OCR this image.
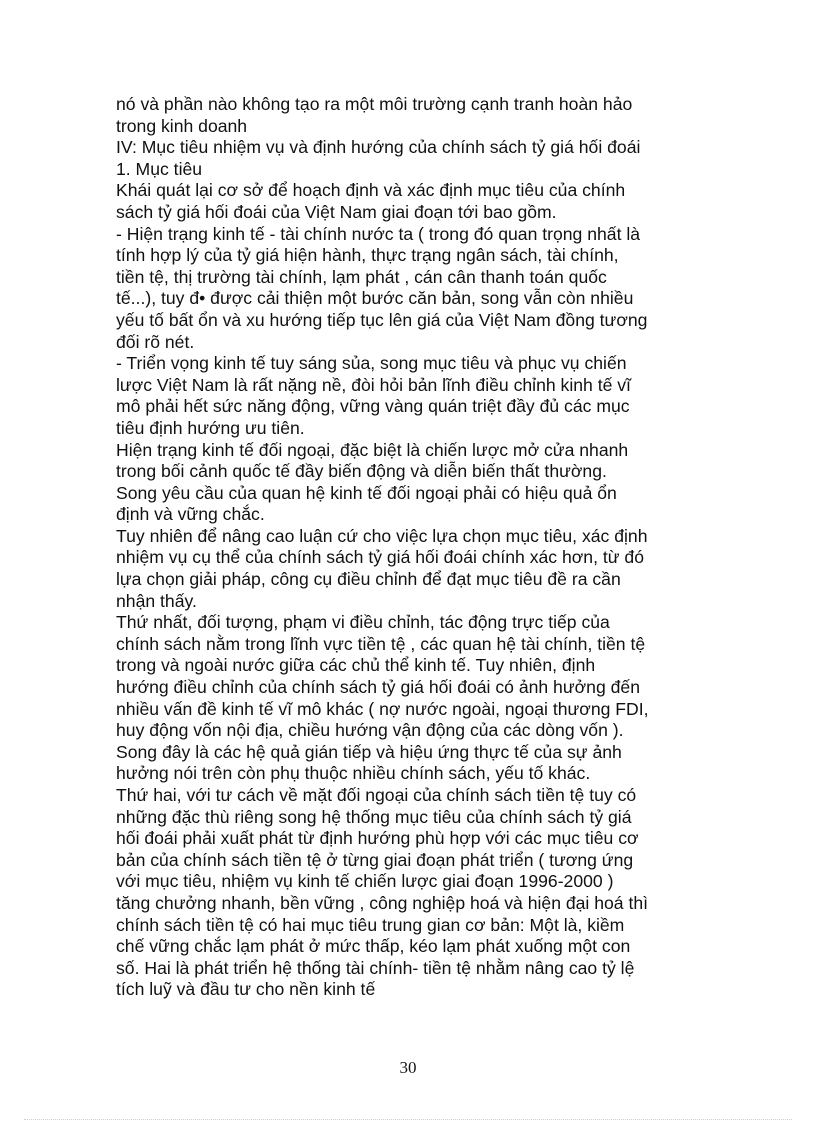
nó và phần nào không tạo ra một môi trường cạnh tranh hoàn hảo
trong kinh doanh
IV: Mục tiêu nhiệm vụ và định hướng của chính sách tỷ giá hối đoái
1. Mục tiêu
Khái quát lại cơ sở để hoạch định và xác định mục tiêu của chính
sách tỷ giá hối đoái của Việt Nam giai đoạn tới bao gồm.
- Hiện trạng kinh tế - tài chính nước ta ( trong đó quan trọng nhất là
tính hợp lý của tỷ giá hiện hành, thực trạng ngân sách, tài chính,
tiền tệ, thị trường tài chính, lạm phát , cán cân thanh toán quốc
tế...), tuy đ• được cải thiện một bước căn bản, song vẫn còn nhiều
yếu tố bất ổn và xu hướng tiếp tục lên giá của Việt Nam đồng tương
đối rõ nét.
- Triển vọng kinh tế tuy sáng sủa, song mục tiêu và phục vụ chiến
lược Việt Nam là rất nặng nề, đòi hỏi bản lĩnh điều chỉnh kinh tế vĩ
mô phải hết sức năng động, vững vàng quán triệt đầy đủ các mục
tiêu định hướng ưu tiên.
Hiện trạng kinh tế đối ngoại, đặc biệt là chiến lược mở cửa nhanh
trong bối cảnh quốc tế đầy biến động và diễn biến thất thường.
Song yêu cầu của quan hệ kinh tế đối ngoại phải có hiệu quả ổn
định và vững chắc.
Tuy nhiên để nâng cao luận cứ cho việc lựa chọn mục tiêu, xác định
nhiệm vụ cụ thể của chính sách tỷ giá hối đoái chính xác hơn, từ đó
lựa chọn giải pháp, công cụ điều chỉnh để đạt mục tiêu đề ra cần
nhận thấy.
Thứ nhất, đối tượng, phạm vi điều chỉnh, tác động trực tiếp của
chính sách nằm trong lĩnh vực tiền tệ , các quan hệ tài chính, tiền tệ
trong và ngoài nước giữa các chủ thể kinh tế. Tuy nhiên, định
hướng điều chỉnh của chính sách tỷ giá hối đoái có ảnh hưởng đến
nhiều vấn đề kinh tế vĩ mô khác ( nợ nước ngoài, ngoại thương FDI,
huy động vốn nội địa, chiều hướng vận động của các dòng vốn ).
Song đây là các hệ quả gián tiếp và hiệu ứng thực tế của sự ảnh
hưởng nói trên còn phụ thuộc nhiều chính sách, yếu tố khác.
Thứ hai, với tư cách về mặt đối ngoại của chính sách tiền tệ tuy có
những đặc thù riêng song hệ thống mục tiêu của chính sách tỷ giá
hối đoái phải xuất phát từ định hướng phù hợp với các mục tiêu cơ
bản của chính sách tiền tệ ở từng giai đoạn phát triển ( tương ứng
với mục tiêu, nhiệm vụ kinh tế chiến lược giai đoạn 1996-2000 )
tăng chưởng nhanh, bền vững , công nghiệp hoá và hiện đại hoá thì
chính sách tiền tệ có hai mục tiêu trung gian cơ bản: Một là, kiềm
chế vững chắc lạm phát ở mức thấp, kéo lạm phát xuống một con
số. Hai là phát triển hệ thống tài chính- tiền tệ nhằm nâng cao tỷ lệ
tích luỹ và đầu tư cho nền kinh tế
30
